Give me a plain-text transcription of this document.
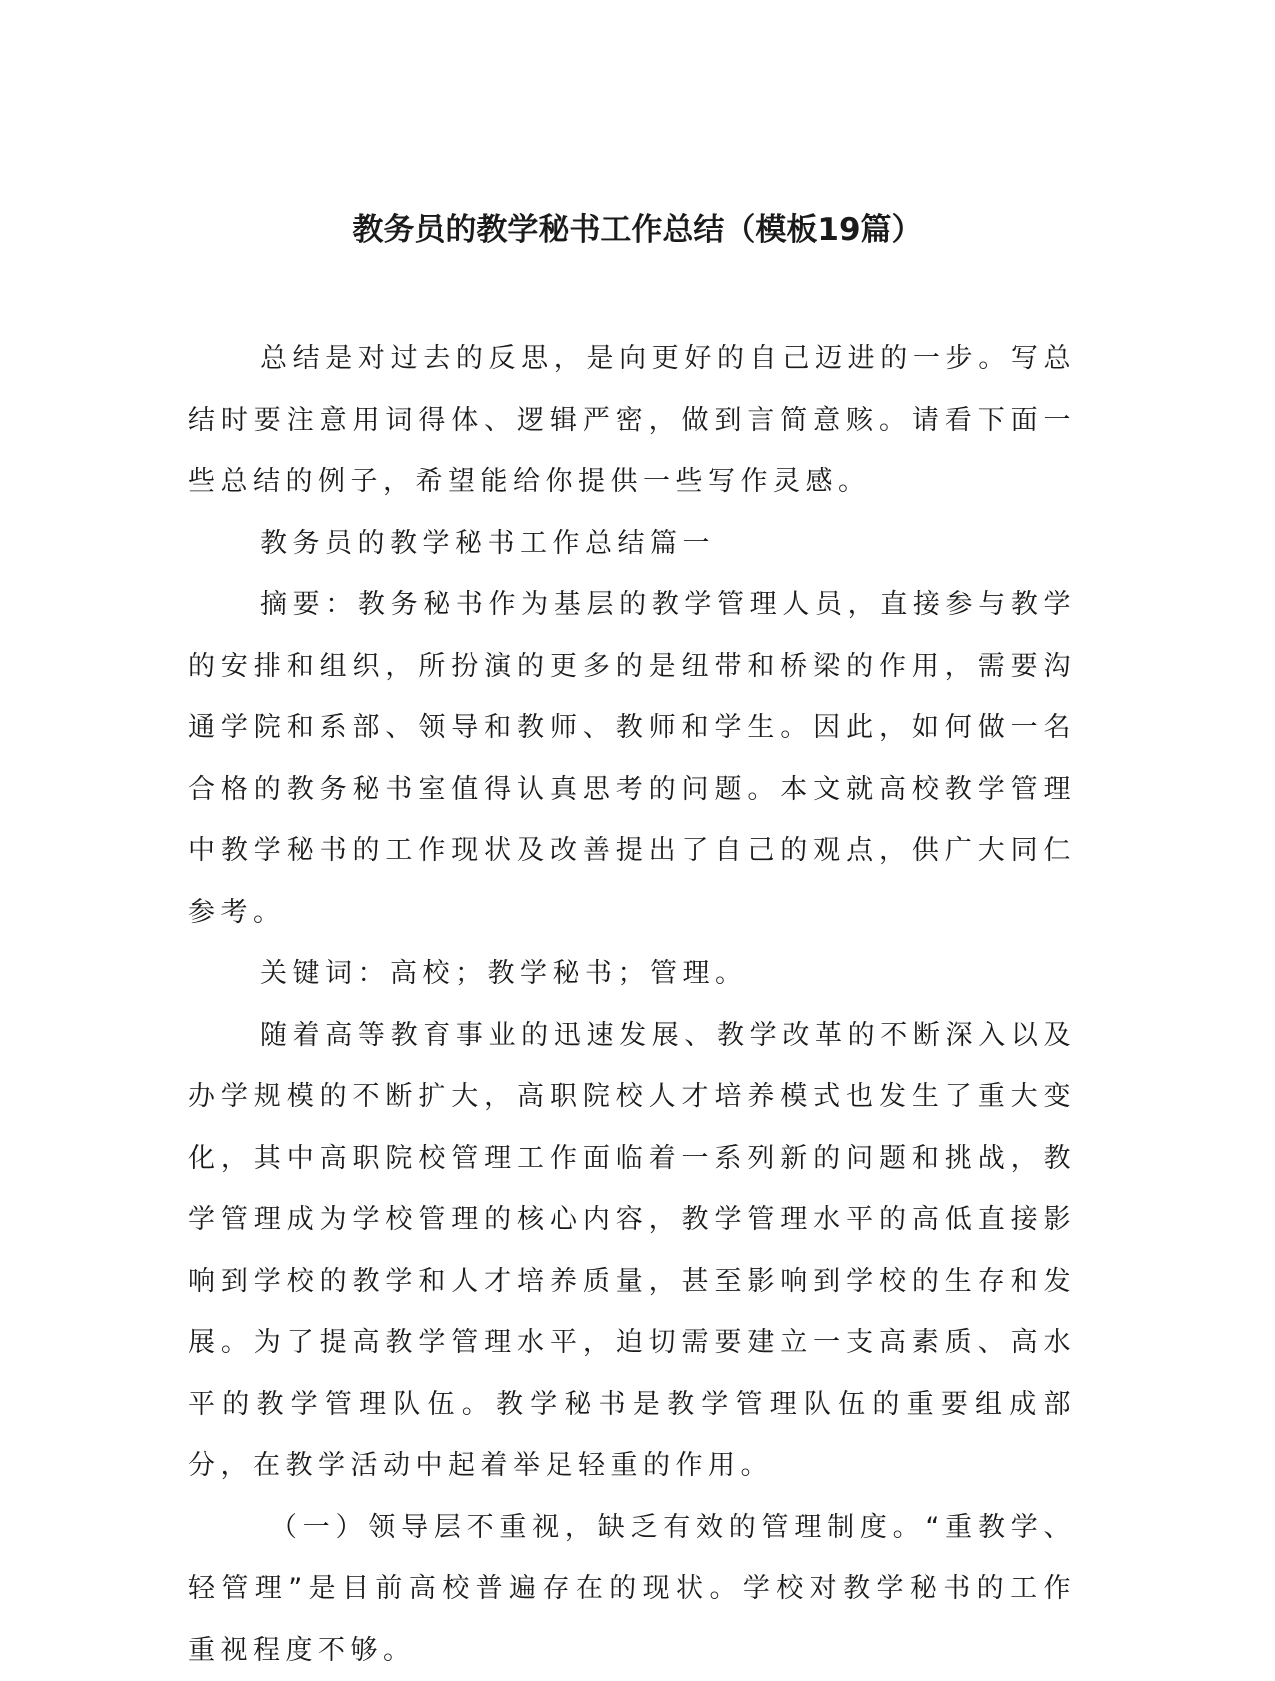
教务员的教学秘书工作总结（模板19篇）

总结是对过去的反思，是向更好的自己迈进的一步。写总结时要注意用词得体、逻辑严密，做到言简意赅。请看下面一些总结的例子，希望能给你提供一些写作灵感。

教务员的教学秘书工作总结篇一

摘要：教务秘书作为基层的教学管理人员，直接参与教学的安排和组织，所扮演的更多的是纽带和桥梁的作用，需要沟通学院和系部、领导和教师、教师和学生。因此，如何做一名合格的教务秘书室值得认真思考的问题。本文就高校教学管理中教学秘书的工作现状及改善提出了自己的观点，供广大同仁参考。

关键词：高校；教学秘书；管理。

随着高等教育事业的迅速发展、教学改革的不断深入以及办学规模的不断扩大，高职院校人才培养模式也发生了重大变化，其中高职院校管理工作面临着一系列新的问题和挑战，教学管理成为学校管理的核心内容，教学管理水平的高低直接影响到学校的教学和人才培养质量，甚至影响到学校的生存和发展。为了提高教学管理水平，迫切需要建立一支高素质、高水平的教学管理队伍。教学秘书是教学管理队伍的重要组成部分，在教学活动中起着举足轻重的作用。

（一）领导层不重视，缺乏有效的管理制度。“重教学、轻管理”是目前高校普遍存在的现状。学校对教学秘书的工作重视程度不够。
